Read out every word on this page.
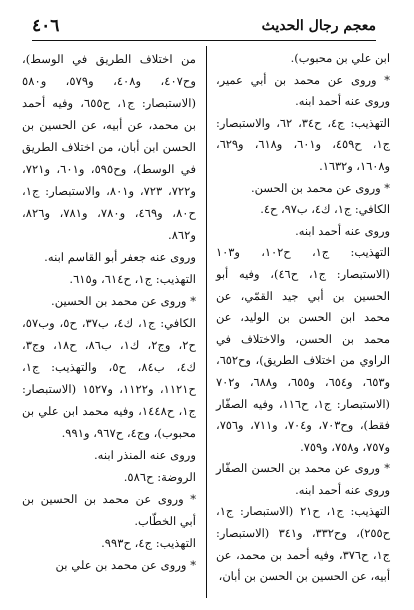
معجم رجال الحديث
٤٠٦

ابن علي بن محبوب).

* وروى عن محمد بن أبي عمير، وروى عنه أحمد ابنه.

التهذيب: ج٤، ح٣٤، ٦٢، والاستبصار: ج١، ح٤٥٩، و٦٠١، و٦١٨، و٦٢٩، و١٦٠٨، و١٦٣٢.

* وروى عن محمد بن الحسن.

الكافي: ج١، ك٤، ب٩٧، ح٤.

وروى عنه أحمد ابنه.

التهذيب: ج١، ح١٠٢، و١٠٣ (الاستبصار: ج١، ح٤٦)، وفيه أبو الحسين بن أبي جيد القمّي، عن محمد ابن الحسن بن الوليد، عن محمد بن الحسن، والاختلاف في الراوي من اختلاف الطريق)، وح٦٥٢، و٦٥٣، و٦٥٤، و٦٥٥، و٦٨٨، و٧٠٢ (الاستبصار: ج١، ح١١٦، وفيه الصفّار فقط)، وح٧٠٣، و٧٠٤، و٧١١، و٧٥٦، و٧٥٧، و٧٥٨، و٧٥٩.

* وروى عن محمد بن الحسن الصفّار وروى عنه أحمد ابنه.

التهذيب: ج١، ح٢١ (الاستبصار: ج١، ح٢٥٥)، وح٣٣٢، و٣٤١ (الاستبصار: ج١، ح٣٧٦، وفيه أحمد بن محمد، عن أبيه، عن الحسين بن الحسن بن أبان،

من اختلاف الطريق في الوسط)، وح٤٠٧، و٤٠٨، و٥٧٩، و٥٨٠ (الاستبصار: ج١، ح٦٥٥، وفيه أحمد بن محمد، عن أبيه، عن الحسين بن الحسن ابن أبان، من اختلاف الطريق في الوسط)، وح٥٩٥، و٦٠١، و٧٢١، و٧٢٢، ٧٢٣، و٨٠١، والاستبصار: ج١، ح٨٠، و٤٦٩، و٧٨٠، و٧٨١، و٨٢٦، و٨٦٢.

وروى عنه جعفر أبو القاسم ابنه.

التهذيب: ج١، ح٦١٤، و٦١٥.

* وروى عن محمد بن الحسين.

الكافي: ج١، ك٤، ب٣٧، ح٥، وب٥٧، ح٢، وج٢، ك١، ب٨٦، ح١٨، وج٣، ك٤، ب٨٤، ح٥، والتهذيب: ج١، ح١١٢١، و١١٢٢، و١٥٢٧ (الاستبصار: ج١، ح١٤٤٨، وفيه محمد ابن علي بن محبوب)، وج٤، ح٩٦٧، و٩٩١.

وروى عنه المنذر ابنه.

الروضة: ح٥٨٦.

* وروى عن محمد بن الحسين بن أبي الخطّاب.

التهذيب: ج٤، ح٩٩٣.

* وروى عن محمد بن علي بن
